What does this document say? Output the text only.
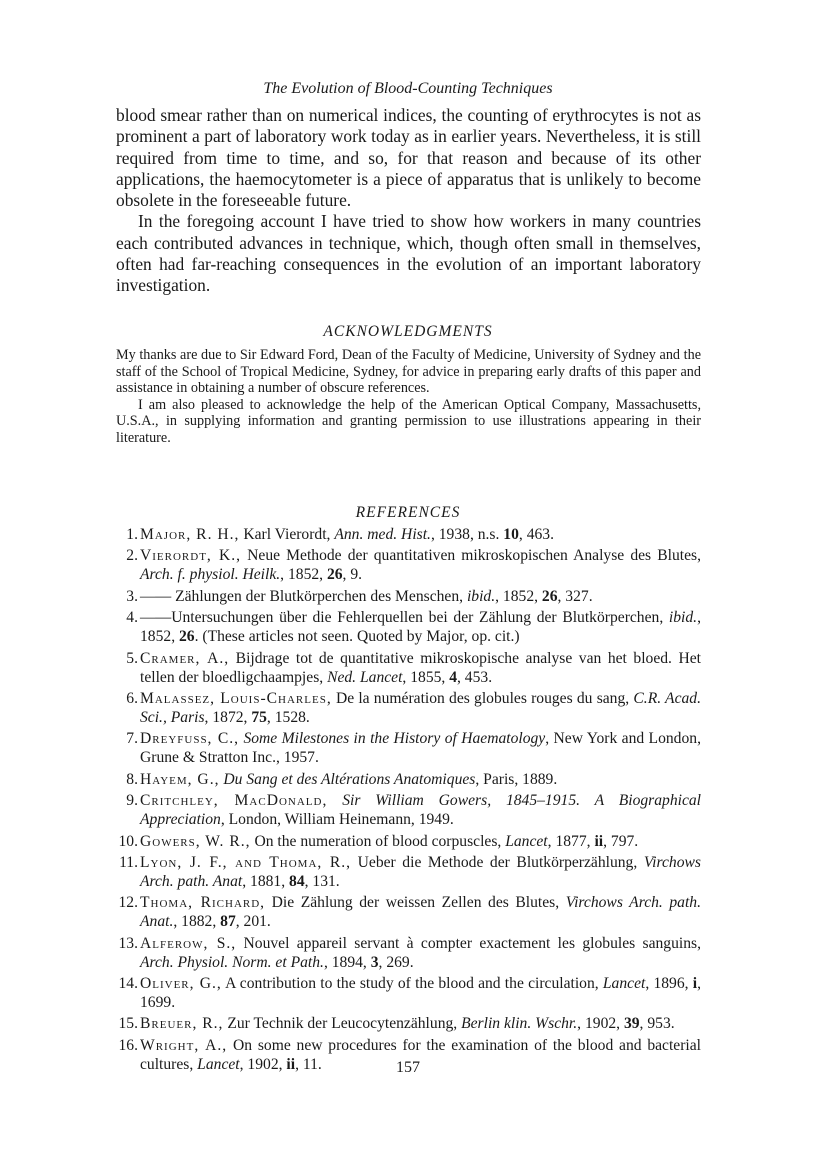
The Evolution of Blood-Counting Techniques

blood smear rather than on numerical indices, the counting of erythrocytes is not as prominent a part of laboratory work today as in earlier years. Nevertheless, it is still required from time to time, and so, for that reason and because of its other applications, the haemocytometer is a piece of apparatus that is unlikely to become obsolete in the foreseeable future.

In the foregoing account I have tried to show how workers in many countries each contributed advances in technique, which, though often small in themselves, often had far-reaching consequences in the evolution of an important laboratory investigation.

ACKNOWLEDGMENTS

My thanks are due to Sir Edward Ford, Dean of the Faculty of Medicine, University of Sydney and the staff of the School of Tropical Medicine, Sydney, for advice in preparing early drafts of this paper and assistance in obtaining a number of obscure references.

I am also pleased to acknowledge the help of the American Optical Company, Massachusetts, U.S.A., in supplying information and granting permission to use illustrations appearing in their literature.

REFERENCES
1. Major, R. H., Karl Vierordt, Ann. med. Hist., 1938, n.s. 10, 463.
2. Vierordt, K., Neue Methode der quantitativen mikroskopischen Analyse des Blutes, Arch. f. physiol. Heilk., 1852, 26, 9.
3. —— Zählungen der Blutkörperchen des Menschen, ibid., 1852, 26, 327.
4. ——Untersuchungen über die Fehlerquellen bei der Zählung der Blutkörperchen, ibid., 1852, 26. (These articles not seen. Quoted by Major, op. cit.)
5. Cramer, A., Bijdrage tot de quantitative mikroskopische analyse van het bloed. Het tellen der bloedligchaampjes, Ned. Lancet, 1855, 4, 453.
6. Malassez, Louis-Charles, De la numération des globules rouges du sang, C.R. Acad. Sci., Paris, 1872, 75, 1528.
7. Dreyfuss, C., Some Milestones in the History of Haematology, New York and London, Grune & Stratton Inc., 1957.
8. Hayem, G., Du Sang et des Altérations Anatomiques, Paris, 1889.
9. Critchley, MacDonald, Sir William Gowers, 1845–1915. A Biographical Appreciation, London, William Heinemann, 1949.
10. Gowers, W. R., On the numeration of blood corpuscles, Lancet, 1877, ii, 797.
11. Lyon, J. F., and Thoma, R., Ueber die Methode der Blutkörperzählung, Virchows Arch. path. Anat, 1881, 84, 131.
12. Thoma, Richard, Die Zählung der weissen Zellen des Blutes, Virchows Arch. path. Anat., 1882, 87, 201.
13. Alferow, S., Nouvel appareil servant à compter exactement les globules sanguins, Arch. Physiol. Norm. et Path., 1894, 3, 269.
14. Oliver, G., A contribution to the study of the blood and the circulation, Lancet, 1896, i, 1699.
15. Breuer, R., Zur Technik der Leucocytenzählung, Berlin klin. Wschr., 1902, 39, 953.
16. Wright, A., On some new procedures for the examination of the blood and bacterial cultures, Lancet, 1902, ii, 11.	157
